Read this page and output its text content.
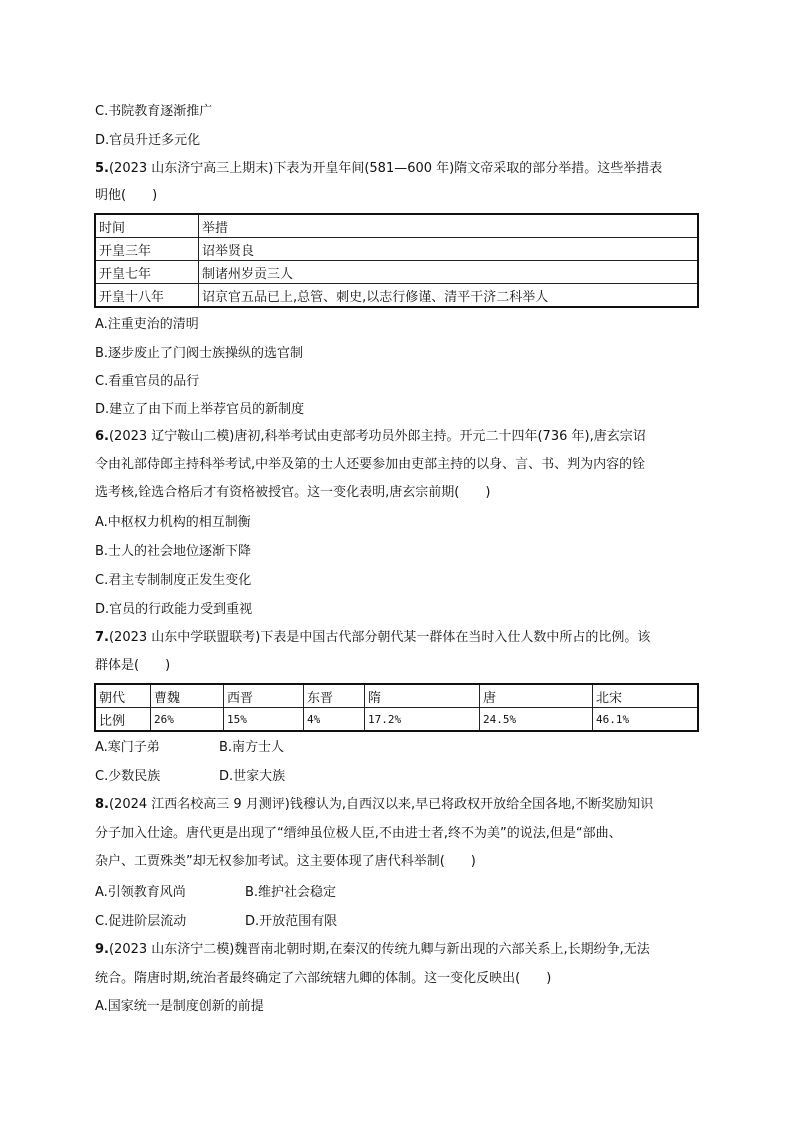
C.书院教育逐渐推广
D.官员升迁多元化
5.(2023 山东济宁高三上期末)下表为开皇年间(581—600 年)隋文帝采取的部分举措。这些举措表
明他(　　)
时间	举措
开皇三年	诏举贤良
开皇七年	制诸州岁贡三人
开皇十八年	诏京官五品已上,总管、刺史,以志行修谨、清平干济二科举人
A.注重吏治的清明
B.逐步废止了门阀士族操纵的选官制
C.看重官员的品行
D.建立了由下而上举荐官员的新制度
6.(2023 辽宁鞍山二模)唐初,科举考试由吏部考功员外郎主持。开元二十四年(736 年),唐玄宗诏
令由礼部侍郎主持科举考试,中举及第的士人还要参加由吏部主持的以身、言、书、判为内容的铨
选考核,铨选合格后才有资格被授官。这一变化表明,唐玄宗前期(　　)
A.中枢权力机构的相互制衡
B.士人的社会地位逐渐下降
C.君主专制制度正发生变化
D.官员的行政能力受到重视
7.(2023 山东中学联盟联考)下表是中国古代部分朝代某一群体在当时入仕人数中所占的比例。该
群体是(　　)
朝代	曹魏	西晋	东晋	隋	唐	北宋
比例	26%	15%	4%	17.2%	24.5%	46.1%
A.寒门子弟	B.南方士人
C.少数民族	D.世家大族
8.(2024 江西名校高三 9 月测评)钱穆认为,自西汉以来,早已将政权开放给全国各地,不断奖励知识
分子加入仕途。唐代更是出现了“缙绅虽位极人臣,不由进士者,终不为美”的说法,但是“部曲、
杂户、工贾殊类”却无权参加考试。这主要体现了唐代科举制(　　)
A.引领教育风尚	B.维护社会稳定
C.促进阶层流动	D.开放范围有限
9.(2023 山东济宁二模)魏晋南北朝时期,在秦汉的传统九卿与新出现的六部关系上,长期纷争,无法
统合。隋唐时期,统治者最终确定了六部统辖九卿的体制。这一变化反映出(　　)
A.国家统一是制度创新的前提
